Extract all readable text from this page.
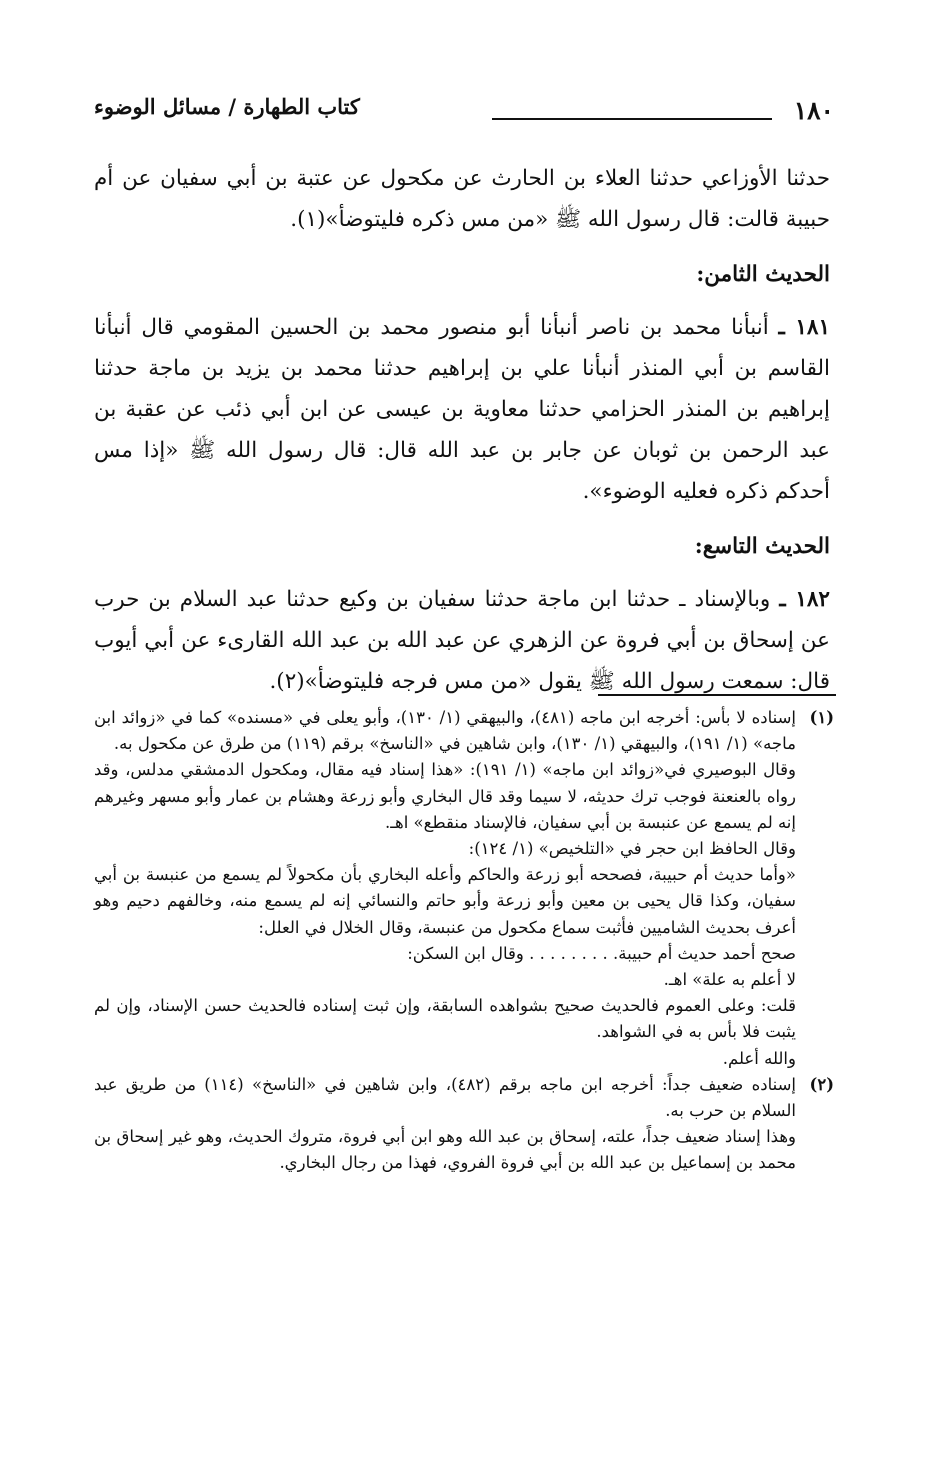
١٨٠
كتاب الطهارة / مسائل الوضوء

حدثنا الأوزاعي حدثنا العلاء بن الحارث عن مكحول عن عتبة بن أبي سفيان عن أم حبيبة قالت: قال رسول الله ﷺ «من مس ذكره فليتوضأ»(١).

الحديث الثامن:

١٨١ ـ أنبأنا محمد بن ناصر أنبأنا أبو منصور محمد بن الحسين المقومي قال أنبأنا القاسم بن أبي المنذر أنبأنا علي بن إبراهيم حدثنا محمد بن يزيد بن ماجة حدثنا إبراهيم بن المنذر الحزامي حدثنا معاوية بن عيسى عن ابن أبي ذئب عن عقبة بن عبد الرحمن بن ثوبان عن جابر بن عبد الله قال: قال رسول الله ﷺ «إذا مس أحدكم ذكره فعليه الوضوء».

الحديث التاسع:

١٨٢ ـ وبالإسناد ـ حدثنا ابن ماجة حدثنا سفيان بن وكيع حدثنا عبد السلام بن حرب عن إسحاق بن أبي فروة عن الزهري عن عبد الله بن عبد الله القارىء عن أبي أيوب قال: سمعت رسول الله ﷺ يقول «من مس فرجه فليتوضأ»(٢).

(١)

إسناده لا بأس: أخرجه ابن ماجه (٤٨١)، والبيهقي (١/ ١٣٠)، وأبو يعلى في «مسنده» كما في «زوائد ابن ماجه» (١/ ١٩١)، والبيهقي (١/ ١٣٠)، وابن شاهين في «الناسخ» برقم (١١٩) من طرق عن مكحول به.

وقال البوصيري في«زوائد ابن ماجه» (١/ ١٩١): «هذا إسناد فيه مقال، ومكحول الدمشقي مدلس، وقد رواه بالعنعنة فوجب ترك حديثه، لا سيما وقد قال البخاري وأبو زرعة وهشام بن عمار وأبو مسهر وغيرهم إنه لم يسمع عن عنبسة بن أبي سفيان، فالإسناد منقطع» اهـ.

وقال الحافظ ابن حجر في «التلخيص» (١/ ١٢٤):

«وأما حديث أم حبيبة، فصححه أبو زرعة والحاكم وأعله البخاري بأن مكحولاً لم يسمع من عنبسة بن أبي سفيان، وكذا قال يحيى بن معين وأبو زرعة وأبو حاتم والنسائي إنه لم يسمع منه، وخالفهم دحيم وهو أعرف بحديث الشاميين فأثبت سماع مكحول من عنبسة، وقال الخلال في العلل:

صحح أحمد حديث أم حبيبة. . . . . . . . . وقال ابن السكن:

لا أعلم به علة» اهـ.

قلت: وعلى العموم فالحديث صحيح بشواهده السابقة، وإن ثبت إسناده فالحديث حسن الإسناد، وإن لم يثبت فلا بأس به في الشواهد.

والله أعلم.

(٢)

إسناده ضعيف جداً: أخرجه ابن ماجه برقم (٤٨٢)، وابن شاهين في «الناسخ» (١١٤) من طريق عبد السلام بن حرب به.

وهذا إسناد ضعيف جداً، علته، إسحاق بن عبد الله وهو ابن أبي فروة، متروك الحديث، وهو غير إسحاق بن محمد بن إسماعيل بن عبد الله بن أبي فروة الفروي، فهذا من رجال البخاري.
